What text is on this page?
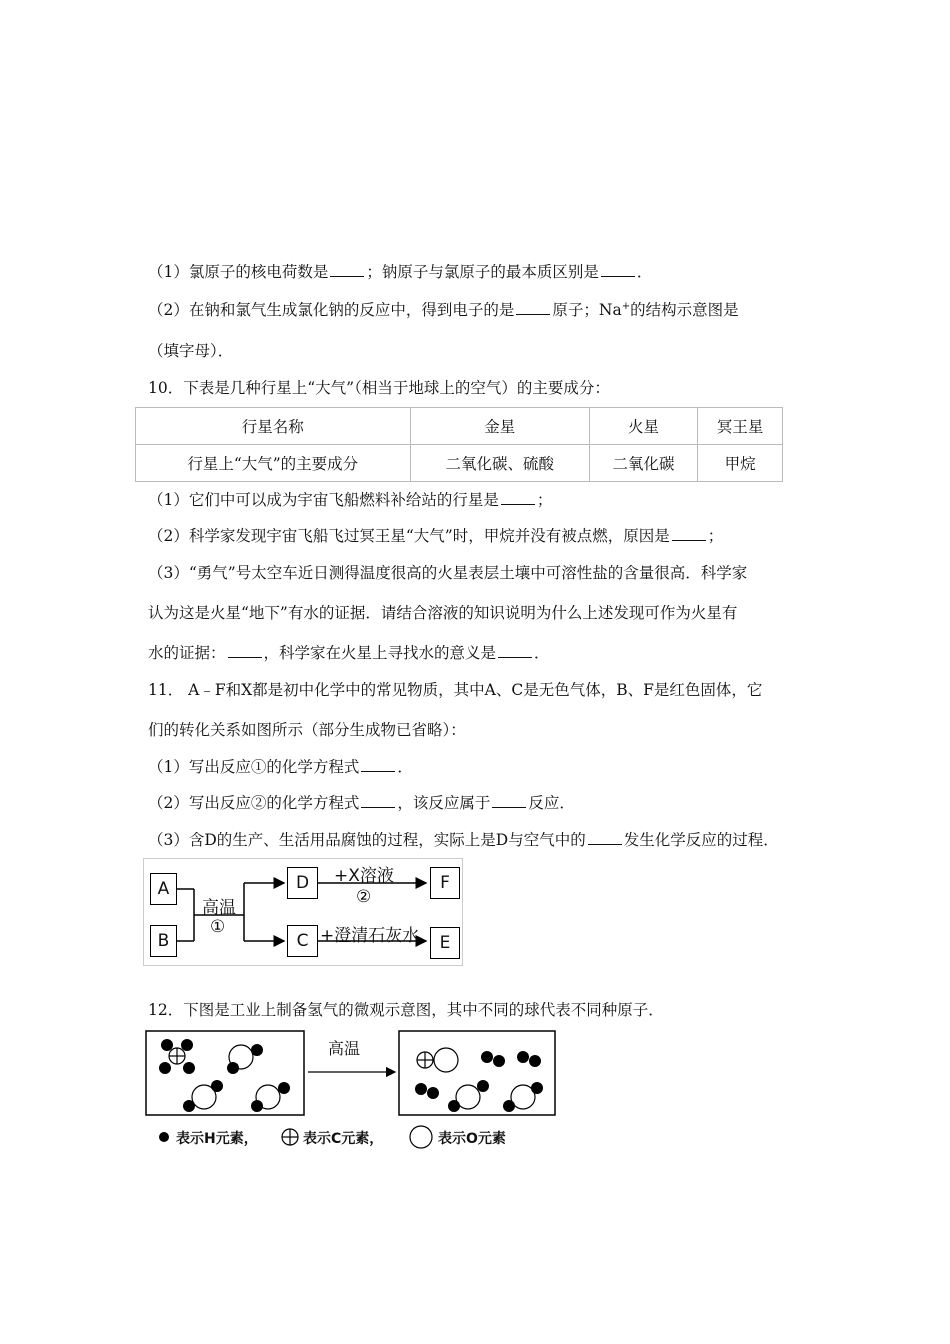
（1）氯原子的核电荷数是 ；钠原子与氯原子的最本质区别是 ．
（2）在钠和氯气生成氯化钠的反应中，得到电子的是 原子；Na+的结构示意图是
（填字母）．
10．下表是几种行星上“大气”（相当于地球上的空气）的主要成分：
行星名称	金星	火星	冥王星
行星上“大气”的主要成分	二氧化碳、硫酸	二氧化碳	甲烷
（1）它们中可以成为宇宙飞船燃料补给站的行星是 ；
（2）科学家发现宇宙飞船飞过冥王星“大气”时，甲烷并没有被点燃，原因是 ；
（3）“勇气”号太空车近日测得温度很高的火星表层土壤中可溶性盐的含量很高．科学家
认为这是火星“地下”有水的证据．请结合溶液的知识说明为什么上述发现可作为火星有
水的证据： ，科学家在火星上寻找水的意义是 ．
11． A﹣F和X都是初中化学中的常见物质，其中A、C是无色气体，B、F是红色固体，它
们的转化关系如图所示（部分生成物已省略）：
（1）写出反应①的化学方程式 ．
（2）写出反应②的化学方程式 ，该反应属于 反应．
（3）含D的生产、生活用品腐蚀的过程，实际上是D与空气中的 发生化学反应的过程．
A
B
D
C
F
E
高温
①
+X溶液
②
+澄清石灰水
12．下图是工业上制备氢气的微观示意图，其中不同的球代表不同种原子．
高温
表示H元素，	表示C元素，	表示O元素
